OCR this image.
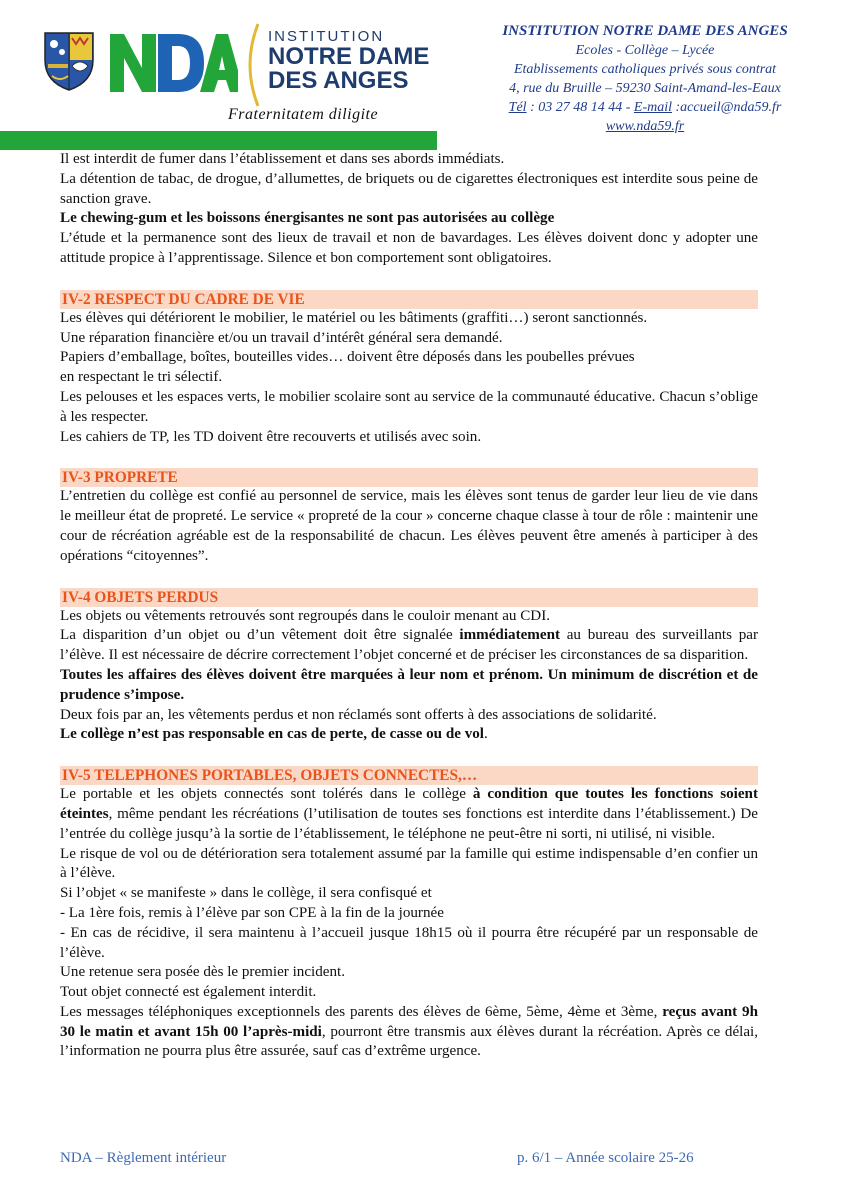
INSTITUTION
NOTRE DAME
DES ANGES
Fraternitatem diligite
INSTITUTION NOTRE DAME DES ANGES
Ecoles - Collège – Lycée
Etablissements catholiques privés sous contrat
4, rue du Bruille – 59230 Saint-Amand-les-Eaux
Tél : 03 27 48 14 44 - E-mail :accueil@nda59.fr
www.nda59.fr

Il est interdit de fumer dans l’établissement et dans ses abords immédiats.

La détention de tabac, de drogue, d’allumettes, de briquets ou de cigarettes électroniques est interdite sous peine de sanction grave.

Le chewing-gum et les boissons énergisantes ne sont pas autorisées au collège

L’étude et la permanence sont des lieux de travail et non de bavardages. Les élèves doivent donc y adopter une attitude propice à l’apprentissage. Silence et bon comportement sont obligatoires.

IV-2 RESPECT DU CADRE DE VIE

Les élèves qui détériorent le mobilier, le matériel ou les bâtiments (graffiti…) seront sanctionnés.

Une réparation financière et/ou un travail d’intérêt général sera demandé.

Papiers d’emballage, boîtes, bouteilles vides… doivent être déposés dans les poubelles prévues

en respectant le tri sélectif.

Les pelouses et les espaces verts, le mobilier scolaire sont au service de la communauté éducative. Chacun s’oblige à les respecter.

Les cahiers de TP, les TD doivent être recouverts et utilisés avec soin.

IV-3 PROPRETE

L’entretien du collège est confié au personnel de service, mais les élèves sont tenus de garder leur lieu de vie dans le meilleur état de propreté. Le service « propreté de la cour » concerne chaque classe à tour de rôle : maintenir une cour de récréation agréable est de la responsabilité de chacun. Les élèves peuvent être amenés à participer à des opérations “citoyennes”.

IV-4 OBJETS PERDUS

Les objets ou vêtements retrouvés sont regroupés dans le couloir menant au CDI.

La disparition d’un objet ou d’un vêtement doit être signalée immédiatement au bureau des surveillants par l’élève. Il est nécessaire de décrire correctement l’objet concerné et de préciser les circonstances de sa disparition.

Toutes les affaires des élèves doivent être marquées à leur nom et prénom. Un minimum de discrétion et de prudence s’impose.

Deux fois par an, les vêtements perdus et non réclamés sont offerts à des associations de solidarité.

Le collège n’est pas responsable en cas de perte, de casse ou de vol.

IV-5 TELEPHONES PORTABLES, OBJETS CONNECTES,…

Le portable et les objets connectés sont tolérés dans le collège à condition que toutes les fonctions soient éteintes, même pendant les récréations (l’utilisation de toutes ses fonctions est interdite dans l’établissement.) De l’entrée du collège jusqu’à la sortie de l’établissement, le téléphone ne peut-être ni sorti, ni utilisé, ni visible.

Le risque de vol ou de détérioration sera totalement assumé par la famille qui estime indispensable d’en confier un à l’élève.

Si l’objet « se manifeste » dans le collège, il sera confisqué et

- La 1ère fois, remis à l’élève par son CPE à la fin de la journée

- En cas de récidive, il sera maintenu à l’accueil jusque 18h15 où il pourra être récupéré par un responsable de l’élève.

Une retenue sera posée dès le premier incident.

Tout objet connecté est également interdit.

Les messages téléphoniques exceptionnels des parents des élèves de 6ème, 5ème, 4ème et 3ème, reçus avant 9h 30 le matin et avant 15h 00 l’après-midi, pourront être transmis aux élèves durant la récréation. Après ce délai, l’information ne pourra plus être assurée, sauf cas d’extrême urgence.

NDA – Règlement intérieur	p. 6/1 – Année scolaire 25-26
